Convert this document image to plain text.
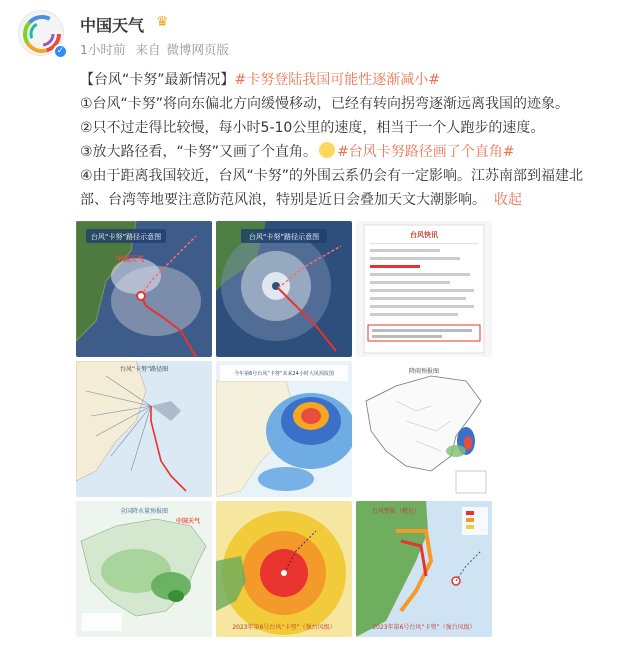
✓
中国天气 ♛
1小时前 来自 微博网页版
【台风“卡努”最新情况】#卡努登陆我国可能性逐渐减小#
①台风“卡努”将向东偏北方向缓慢移动，已经有转向拐弯逐渐远离我国的迹象。
②只不过走得比较慢，每小时5-10公里的速度，相当于一个人跑步的速度。
③放大路径看，“卡努”又画了个直角。 #台风卡努路径画了个直角#
④由于距离我国较近，台风“卡努”的外围云系仍会有一定影响。江苏南部到福建北
部、台湾等地要注意防范风浪，特别是近日会叠加天文大潮影响。 收起
台风“卡努”路径示意图
中国天气
台风“卡努”路径示意图	台风快讯
台风“卡努”路径图
今年第6号台风“卡努”未来24小时大风预报图	降雨预报图
全国降水量预报图
中国天气
2023年第6号台风“卡努”（强台风级）
台风警报（橙色）
2023年第6号台风“卡努”（强台风级）
